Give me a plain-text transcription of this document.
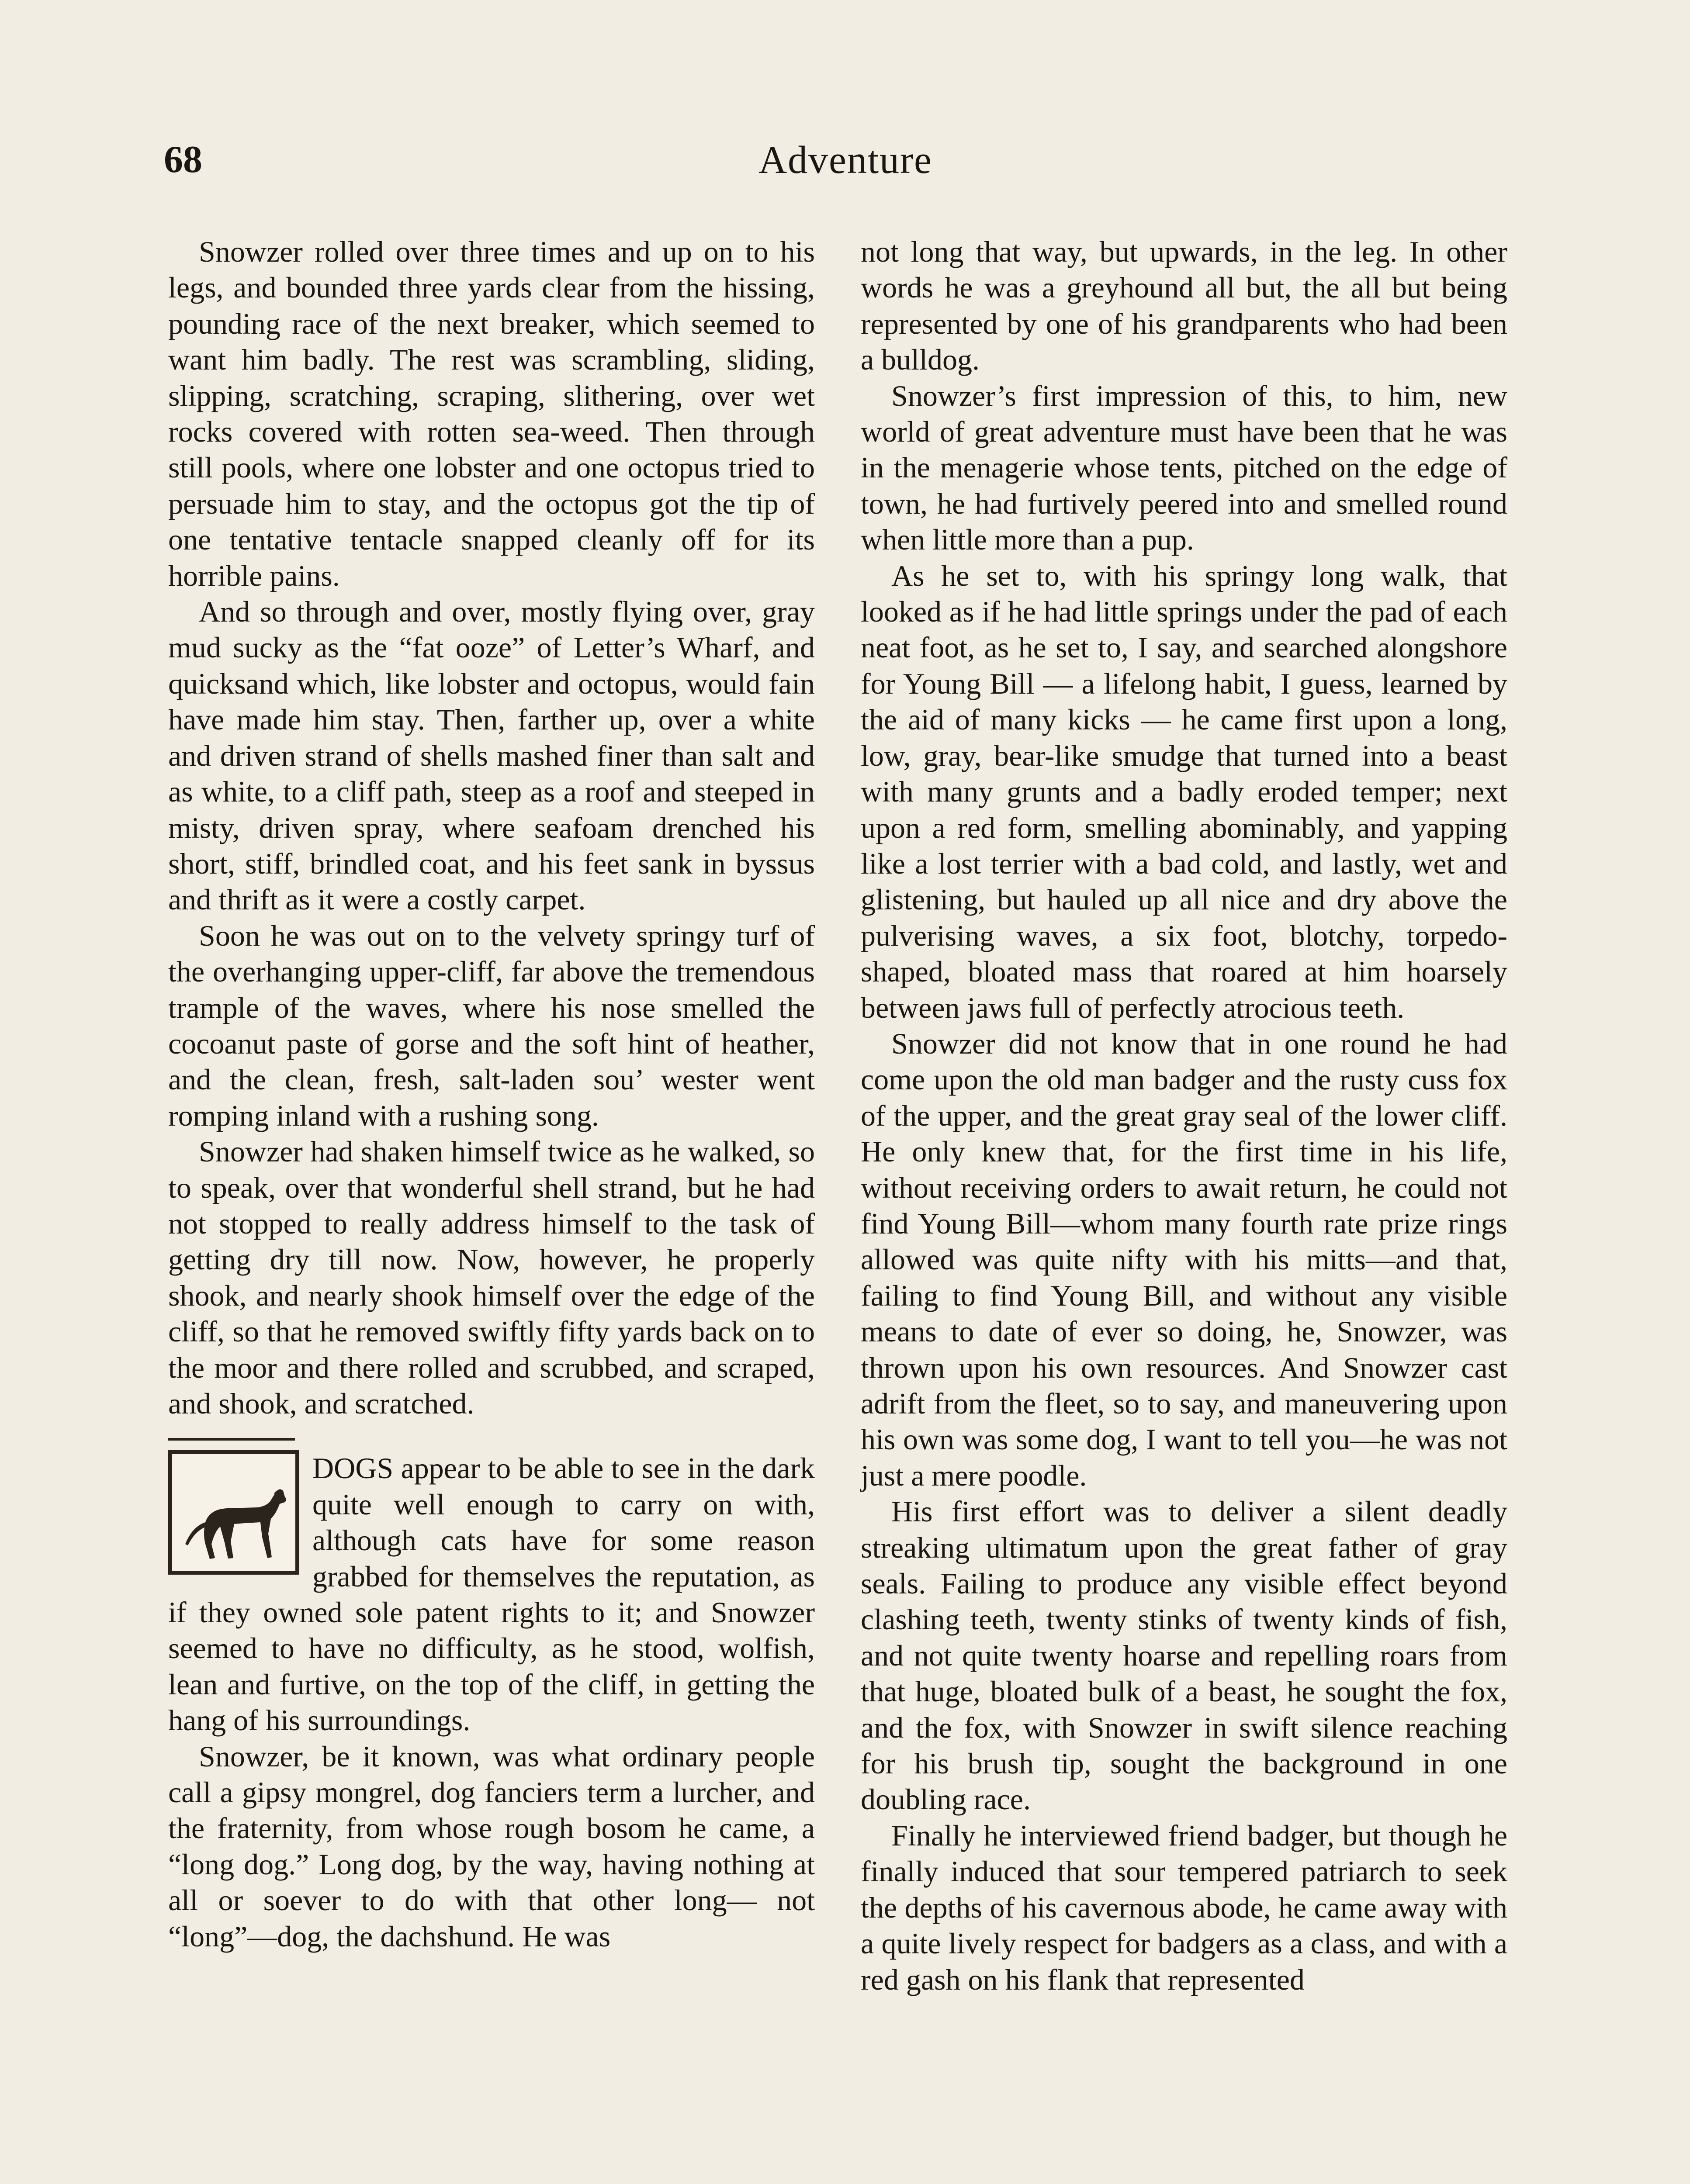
68	Adventure

Snowzer rolled over three times and up on to his legs, and bounded three yards clear from the hissing, pounding race of the next breaker, which seemed to want him badly. The rest was scrambling, sliding, slipping, scratching, scraping, slithering, over wet rocks covered with rotten sea-weed. Then through still pools, where one lobster and one octopus tried to persuade him to stay, and the octopus got the tip of one tentative tentacle snapped cleanly off for its horrible pains.

And so through and over, mostly flying over, gray mud sucky as the “fat ooze” of Letter’s Wharf, and quicksand which, like lobster and octopus, would fain have made him stay. Then, farther up, over a white and driven strand of shells mashed finer than salt and as white, to a cliff path, steep as a roof and steeped in misty, driven spray, where seafoam drenched his short, stiff, brindled coat, and his feet sank in byssus and thrift as it were a costly carpet.

Soon he was out on to the velvety springy turf of the overhanging upper-cliff, far above the tremendous trample of the waves, where his nose smelled the cocoanut paste of gorse and the soft hint of heather, and the clean, fresh, salt-laden sou’ wester went romping inland with a rushing song.

Snowzer had shaken himself twice as he walked, so to speak, over that wonderful shell strand, but he had not stopped to really address himself to the task of getting dry till now. Now, however, he properly shook, and nearly shook himself over the edge of the cliff, so that he removed swiftly fifty yards back on to the moor and there rolled and scrubbed, and scraped, and shook, and scratched.

DOGS appear to be able to see in the dark quite well enough to carry on with, although cats have for some reason grabbed for themselves the reputation, as if they owned sole patent rights to it; and Snowzer seemed to have no difficulty, as he stood, wolfish, lean and furtive, on the top of the cliff, in getting the hang of his surroundings.

Snowzer, be it known, was what ordinary people call a gipsy mongrel, dog fanciers term a lurcher, and the fraternity, from whose rough bosom he came, a “long dog.” Long dog, by the way, having nothing at all or soever to do with that other long— not “long”—dog, the dachshund. He was

not long that way, but upwards, in the leg. In other words he was a greyhound all but, the all but being represented by one of his grandparents who had been a bulldog.

Snowzer’s first impression of this, to him, new world of great adventure must have been that he was in the menagerie whose tents, pitched on the edge of town, he had furtively peered into and smelled round when little more than a pup.

As he set to, with his springy long walk, that looked as if he had little springs under the pad of each neat foot, as he set to, I say, and searched alongshore for Young Bill — a lifelong habit, I guess, learned by the aid of many kicks — he came first upon a long, low, gray, bear-like smudge that turned into a beast with many grunts and a badly eroded temper; next upon a red form, smelling abominably, and yapping like a lost terrier with a bad cold, and lastly, wet and glistening, but hauled up all nice and dry above the pulverising waves, a six foot, blotchy, torpedo-shaped, bloated mass that roared at him hoarsely between jaws full of perfectly atrocious teeth.

Snowzer did not know that in one round he had come upon the old man badger and the rusty cuss fox of the upper, and the great gray seal of the lower cliff. He only knew that, for the first time in his life, without receiving orders to await return, he could not find Young Bill—whom many fourth rate prize rings allowed was quite nifty with his mitts—and that, failing to find Young Bill, and without any visible means to date of ever so doing, he, Snowzer, was thrown upon his own resources. And Snowzer cast adrift from the fleet, so to say, and maneuvering upon his own was some dog, I want to tell you—he was not just a mere poodle.

His first effort was to deliver a silent deadly streaking ultimatum upon the great father of gray seals. Failing to produce any visible effect beyond clashing teeth, twenty stinks of twenty kinds of fish, and not quite twenty hoarse and repelling roars from that huge, bloated bulk of a beast, he sought the fox, and the fox, with Snowzer in swift silence reaching for his brush tip, sought the background in one doubling race.

Finally he interviewed friend badger, but though he finally induced that sour tempered patriarch to seek the depths of his cavernous abode, he came away with a quite lively respect for badgers as a class, and with a red gash on his flank that represented
